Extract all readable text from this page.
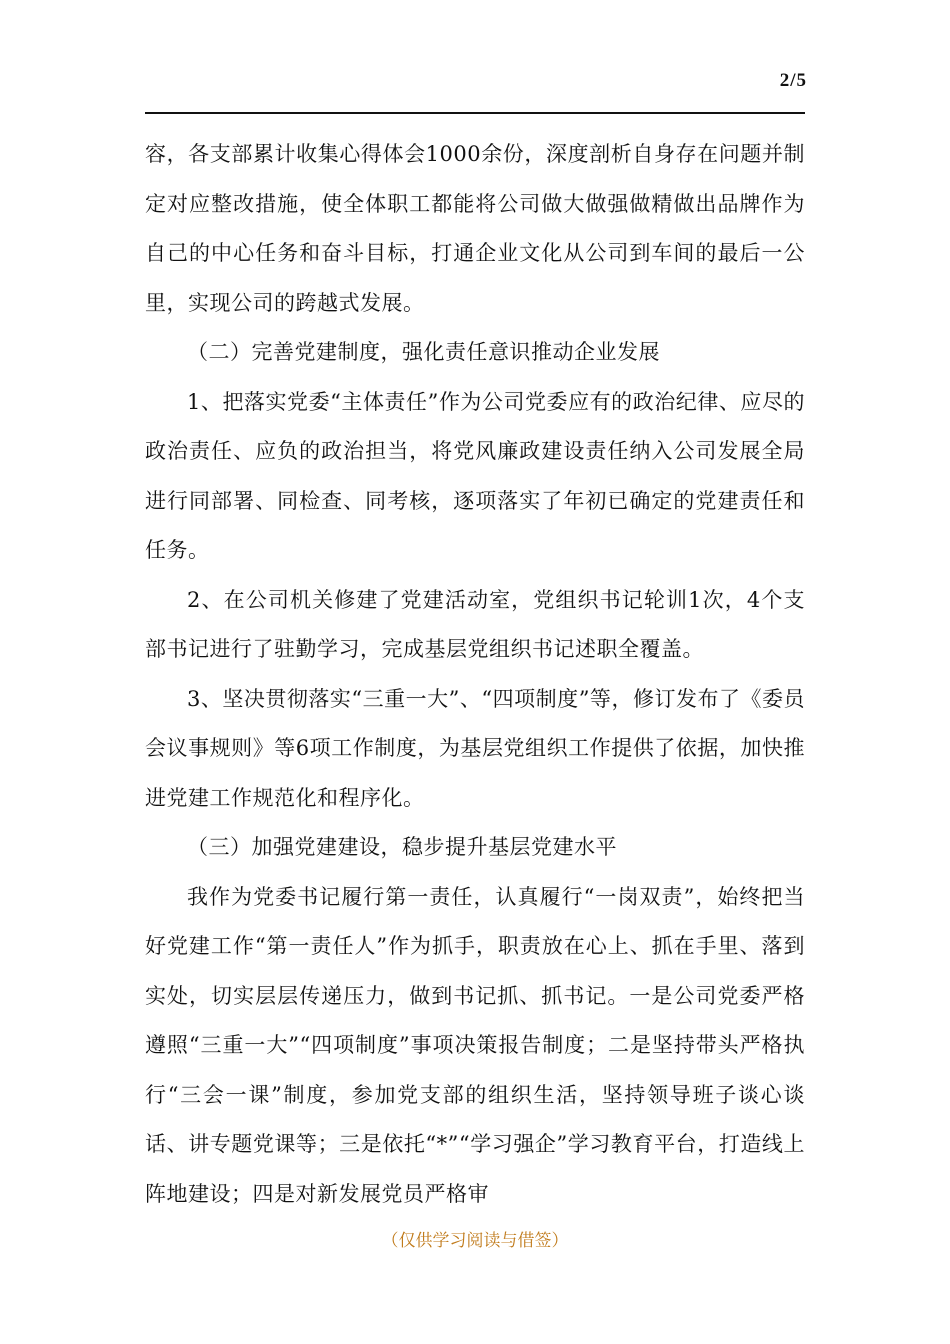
2/5

容，各支部累计收集心得体会1000余份，深度剖析自身存在问题并制定对应整改措施，使全体职工都能将公司做大做强做精做出品牌作为自己的中心任务和奋斗目标，打通企业文化从公司到车间的最后一公里，实现公司的跨越式发展。

（二）完善党建制度，强化责任意识推动企业发展

1、把落实党委“主体责任”作为公司党委应有的政治纪律、应尽的政治责任、应负的政治担当，将党风廉政建设责任纳入公司发展全局进行同部署、同检查、同考核，逐项落实了年初已确定的党建责任和任务。

2、在公司机关修建了党建活动室，党组织书记轮训1次，4个支部书记进行了驻勤学习，完成基层党组织书记述职全覆盖。

3、坚决贯彻落实“三重一大”、“四项制度”等，修订发布了《委员会议事规则》等6项工作制度，为基层党组织工作提供了依据，加快推进党建工作规范化和程序化。

（三）加强党建建设，稳步提升基层党建水平

我作为党委书记履行第一责任，认真履行“一岗双责”，始终把当好党建工作“第一责任人”作为抓手，职责放在心上、抓在手里、落到实处，切实层层传递压力，做到书记抓、抓书记。一是公司党委严格遵照“三重一大”“四项制度”事项决策报告制度；二是坚持带头严格执行“三会一课”制度，参加党支部的组织生活，坚持领导班子谈心谈话、讲专题党课等；三是依托“*”“学习强企”学习教育平台，打造线上阵地建设；四是对新发展党员严格审

（仅供学习阅读与借签）
